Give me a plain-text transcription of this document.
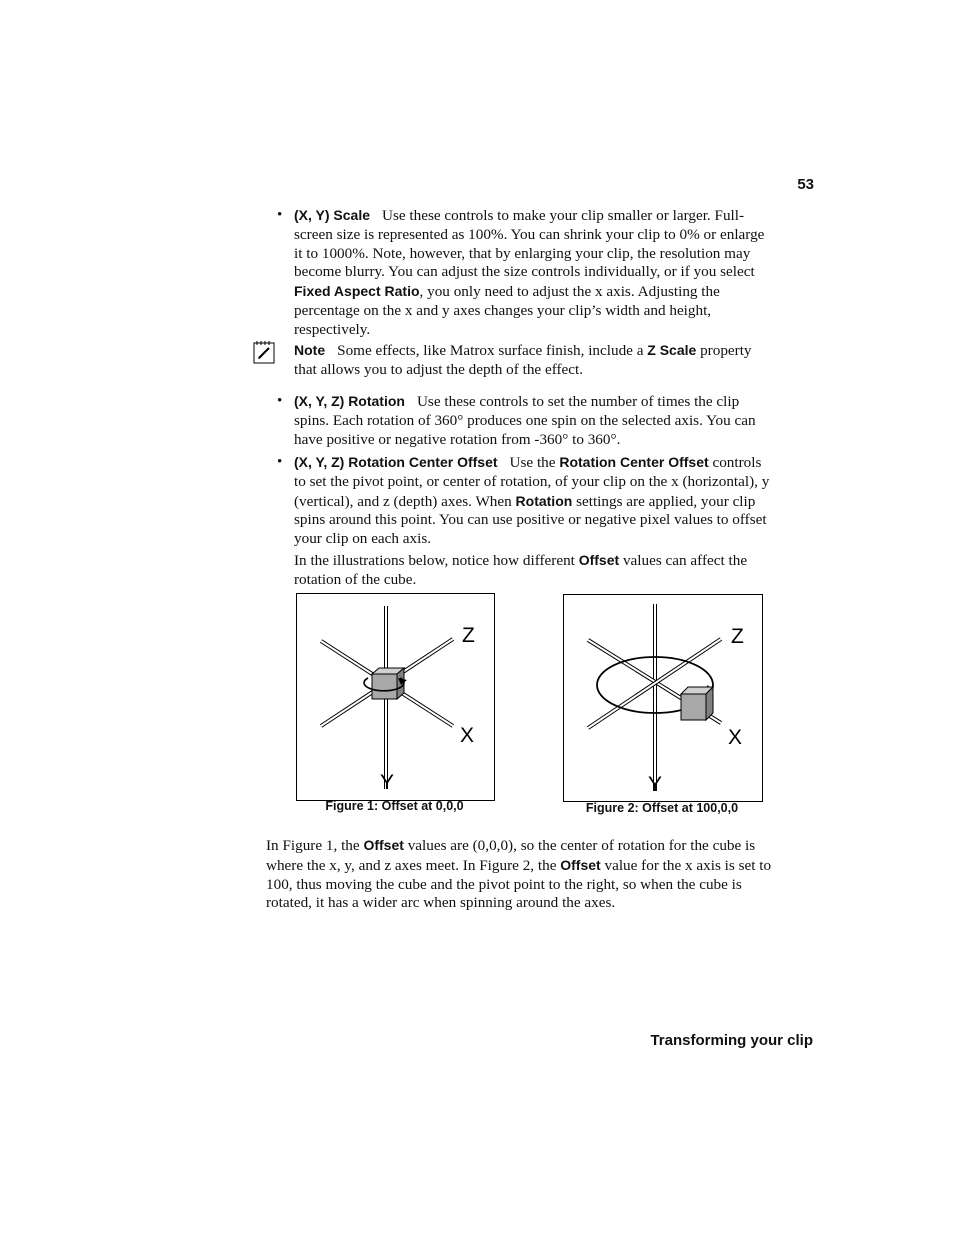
53
• (X, Y) Scale Use these controls to make your clip smaller or larger. Full-screen size is represented as 100%. You can shrink your clip to 0% or enlarge it to 1000%. Note, however, that by enlarging your clip, the resolution may become blurry. You can adjust the size controls individually, or if you select Fixed Aspect Ratio, you only need to adjust the x axis. Adjusting the percentage on the x and y axes changes your clip’s width and height, respectively.
Note Some effects, like Matrox surface finish, include a Z Scale property that allows you to adjust the depth of the effect.
• (X, Y, Z) Rotation Use these controls to set the number of times the clip spins. Each rotation of 360° produces one spin on the selected axis. You can have positive or negative rotation from -360° to 360°.
• (X, Y, Z) Rotation Center Offset Use the Rotation Center Offset controls to set the pivot point, or center of rotation, of your clip on the x (horizontal), y (vertical), and z (depth) axes. When Rotation settings are applied, your clip spins around this point. You can use positive or negative pixel values to offset your clip on each axis.
In the illustrations below, notice how different Offset values can affect the rotation of the cube.
Z
X
Y
Figure 1: Offset at 0,0,0
Z
X
Y
Figure 2: Offset at 100,0,0
In Figure 1, the Offset values are (0,0,0), so the center of rotation for the cube is where the x, y, and z axes meet. In Figure 2, the Offset value for the x axis is set to 100, thus moving the cube and the pivot point to the right, so when the cube is rotated, it has a wider arc when spinning around the axes.
Transforming your clip
